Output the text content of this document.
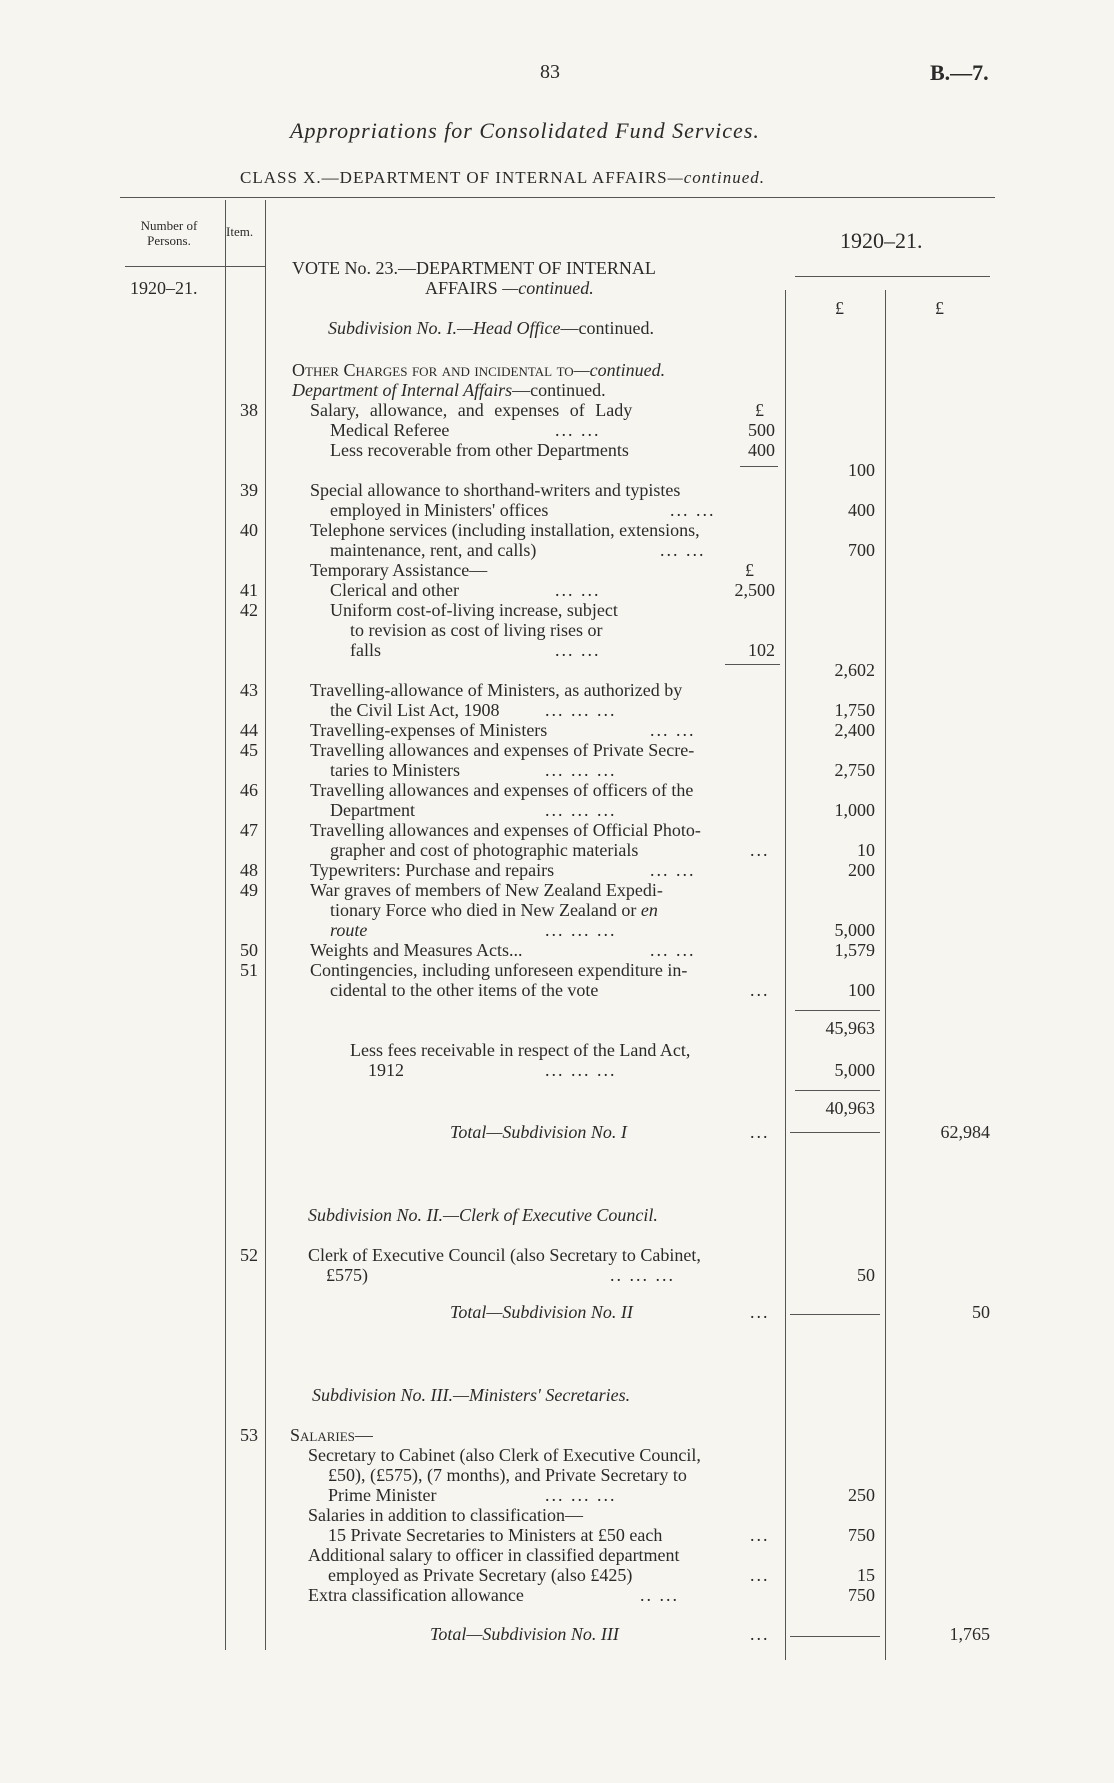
83	B.—7.
Appropriations for Consolidated Fund Services.
CLASS X.—DEPARTMENT OF INTERNAL AFFAIRS—continued.
Number of Persons.
Item.
1920–21.
1920–21.
£	£
VOTE No. 23.—DEPARTMENT OF INTERNAL
AFFAIRS —continued.
Subdivision No. I.—Head Office—continued.
Other Charges for and incidental to—continued.
Department of Internal Affairs—continued.
38	Salary, allowance, and expenses of Lady	£
Medical Referee	... ...	500
Less recoverable from other Departments	400
100
39	Special allowance to shorthand-writers and typistes
employed in Ministers' offices	... ...	400
40	Telephone services (including installation, extensions,
maintenance, rent, and calls)	... ...	700
Temporary Assistance—	£
41	Clerical and other	... ...	2,500
42	Uniform cost-of-living increase, subject
to revision as cost of living rises or
falls	... ...	102
2,602
43	Travelling-allowance of Ministers, as authorized by
the Civil List Act, 1908	... ... ...	1,750
44	Travelling-expenses of Ministers	... ...	2,400
45	Travelling allowances and expenses of Private Secre-
taries to Ministers	... ... ...	2,750
46	Travelling allowances and expenses of officers of the
Department	... ... ...	1,000
47	Travelling allowances and expenses of Official Photo-
grapher and cost of photographic materials	...	10
48	Typewriters: Purchase and repairs	... ...	200
49	War graves of members of New Zealand Expedi-
tionary Force who died in New Zealand or en
route	... ... ...	5,000
50	Weights and Measures Acts...	... ...	1,579
51	Contingencies, including unforeseen expenditure in-
cidental to the other items of the vote	...	100
45,963
Less fees receivable in respect of the Land Act,
1912	... ... ...	5,000
40,963
Total—Subdivision No. I	...	62,984
Subdivision No. II.—Clerk of Executive Council.
52	Clerk of Executive Council (also Secretary to Cabinet,
£575)	.. ... ...	50
Total—Subdivision No. II	...	50
Subdivision No. III.—Ministers' Secretaries.
53 Salaries—
Secretary to Cabinet (also Clerk of Executive Council,
£50), (£575), (7 months), and Private Secretary to
Prime Minister	... ... ...	250
Salaries in addition to classification—
15 Private Secretaries to Ministers at £50 each	...	750
Additional salary to officer in classified department
employed as Private Secretary (also £425)	...	15
Extra classification allowance	.. ...	750
Total—Subdivision No. III	...	1,765
